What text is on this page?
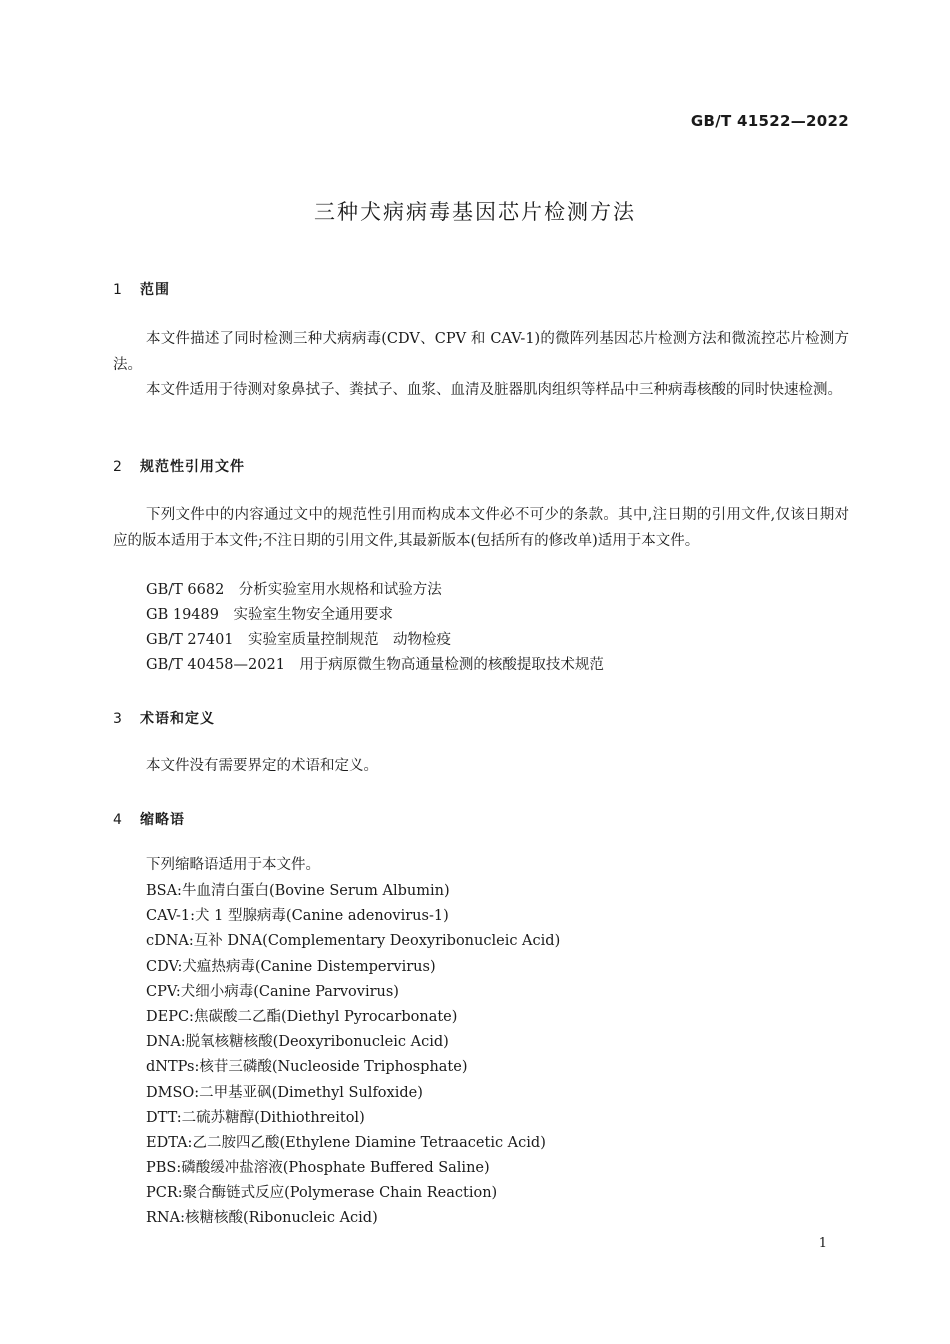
GB/T 41522—2022
三种犬病病毒基因芯片检测方法
1 范围

本文件描述了同时检测三种犬病病毒(CDV、CPV 和 CAV-1)的微阵列基因芯片检测方法和微流控芯片检测方法。

本文件适用于待测对象鼻拭子、粪拭子、血浆、血清及脏器肌肉组织等样品中三种病毒核酸的同时快速检测。

2 规范性引用文件

下列文件中的内容通过文中的规范性引用而构成本文件必不可少的条款。其中,注日期的引用文件,仅该日期对应的版本适用于本文件;不注日期的引用文件,其最新版本(包括所有的修改单)适用于本文件。

GB/T 6682　分析实验室用水规格和试验方法

GB 19489　实验室生物安全通用要求

GB/T 27401　实验室质量控制规范　动物检疫

GB/T 40458—2021　用于病原微生物高通量检测的核酸提取技术规范

3 术语和定义

本文件没有需要界定的术语和定义。

4 缩略语

下列缩略语适用于本文件。

BSA:牛血清白蛋白(Bovine Serum Albumin)
CAV-1:犬 1 型腺病毒(Canine adenovirus-1)
cDNA:互补 DNA(Complementary Deoxyribonucleic Acid)
CDV:犬瘟热病毒(Canine Distempervirus)
CPV:犬细小病毒(Canine Parvovirus)
DEPC:焦碳酸二乙酯(Diethyl Pyrocarbonate)
DNA:脱氧核糖核酸(Deoxyribonucleic Acid)
dNTPs:核苷三磷酸(Nucleoside Triphosphate)
DMSO:二甲基亚砜(Dimethyl Sulfoxide)
DTT:二硫苏糖醇(Dithiothreitol)
EDTA:乙二胺四乙酸(Ethylene Diamine Tetraacetic Acid)
PBS:磷酸缓冲盐溶液(Phosphate Buffered Saline)
PCR:聚合酶链式反应(Polymerase Chain Reaction)
RNA:核糖核酸(Ribonucleic Acid)
1
